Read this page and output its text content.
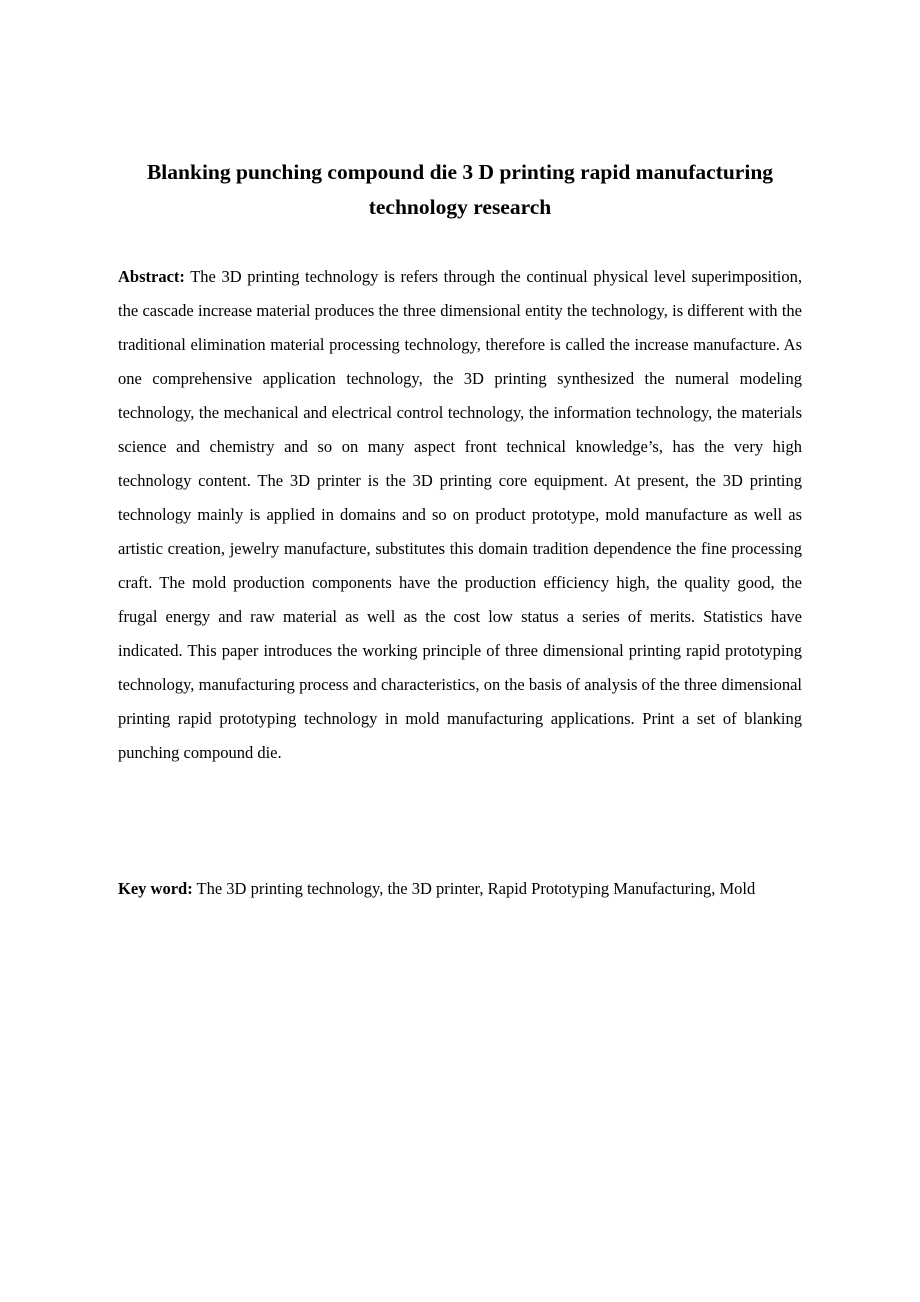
Blanking punching compound die 3 D printing rapid manufacturing
technology research

Abstract: The 3D printing technology is refers through the continual physical level superimposition, the cascade increase material produces the three dimensional entity the technology, is different with the traditional elimination material processing technology, therefore is called the increase manufacture. As one comprehensive application technology, the 3D printing synthesized the numeral modeling technology, the mechanical and electrical control technology, the information technology, the materials science and chemistry and so on many aspect front technical knowledge’s, has the very high technology content. The 3D printer is the 3D printing core equipment. At present, the 3D printing technology mainly is applied in domains and so on product prototype, mold manufacture as well as artistic creation, jewelry manufacture, substitutes this domain tradition dependence the fine processing craft. The mold production components have the production efficiency high, the quality good, the frugal energy and raw material as well as the cost low status a series of merits. Statistics have indicated. This paper introduces the working principle of three dimensional printing rapid prototyping technology, manufacturing process and characteristics, on the basis of analysis of the three dimensional printing rapid prototyping technology in mold manufacturing applications. Print a set of blanking punching compound die.

Key word: The 3D printing technology, the 3D printer, Rapid Prototyping Manufacturing, Mold
